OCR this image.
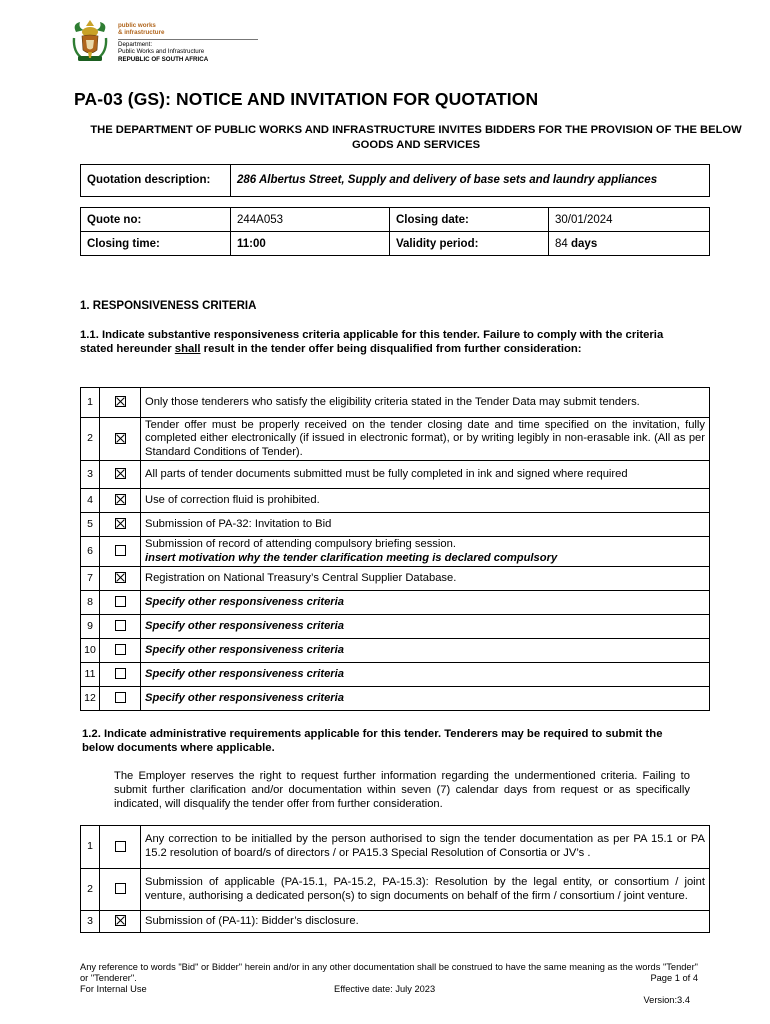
public works
& infrastructure
Department:
Public Works and Infrastructure
REPUBLIC OF SOUTH AFRICA
PA-03 (GS): NOTICE AND INVITATION FOR QUOTATION
THE DEPARTMENT OF PUBLIC WORKS AND INFRASTRUCTURE INVITES BIDDERS FOR THE PROVISION OF THE BELOW GOODS AND SERVICES
Quotation description:	286 Albertus Street, Supply and delivery of base sets and laundry appliances
Quote no:	244A053	Closing date:	30/01/2024
Closing time:	11:00	Validity period:	84 days
1. RESPONSIVENESS CRITERIA
1.1. Indicate substantive responsiveness criteria applicable for this tender. Failure to comply with the criteria stated hereunder shall result in the tender offer being disqualified from further consideration:
1		Only those tenderers who satisfy the eligibility criteria stated in the Tender Data may submit tenders.

2		Tender offer must be properly received on the tender closing date and time specified on the invitation, fully completed either electronically (if issued in electronic format), or by writing legibly in non-erasable ink. (All as per Standard Conditions of Tender).

3		All parts of tender documents submitted must be fully completed in ink and signed where required

4		Use of correction fluid is prohibited.

5		Submission of PA-32: Invitation to Bid

6		Submission of record of attending compulsory briefing session.
insert motivation why the tender clarification meeting is declared compulsory

7		Registration on National Treasury’s Central Supplier Database.

8		Specify other responsiveness criteria

9		Specify other responsiveness criteria

10		Specify other responsiveness criteria

11		Specify other responsiveness criteria

12		Specify other responsiveness criteria
1.2. Indicate administrative requirements applicable for this tender. Tenderers may be required to submit the below documents where applicable.
The Employer reserves the right to request further information regarding the undermentioned criteria. Failing to submit further clarification and/or documentation within seven (7) calendar days from request or as specifically indicated, will disqualify the tender offer from further consideration.
1		Any correction to be initialled by the person authorised to sign the tender documentation as per PA 15.1 or PA 15.2 resolution of board/s of directors / or PA15.3 Special Resolution of Consortia or JV’s .

2		Submission of applicable (PA-15.1, PA-15.2, PA-15.3): Resolution by the legal entity, or consortium / joint venture, authorising a dedicated person(s) to sign documents on behalf of the firm / consortium / joint venture.

3		Submission of (PA-11): Bidder’s disclosure.
Any reference to words "Bid" or Bidder" herein and/or in any other documentation shall be construed to have the same meaning as the words "Tender" or "Tenderer".
For Internal Use	Effective date: July 2023
Page 1 of 4
Version:3.4
